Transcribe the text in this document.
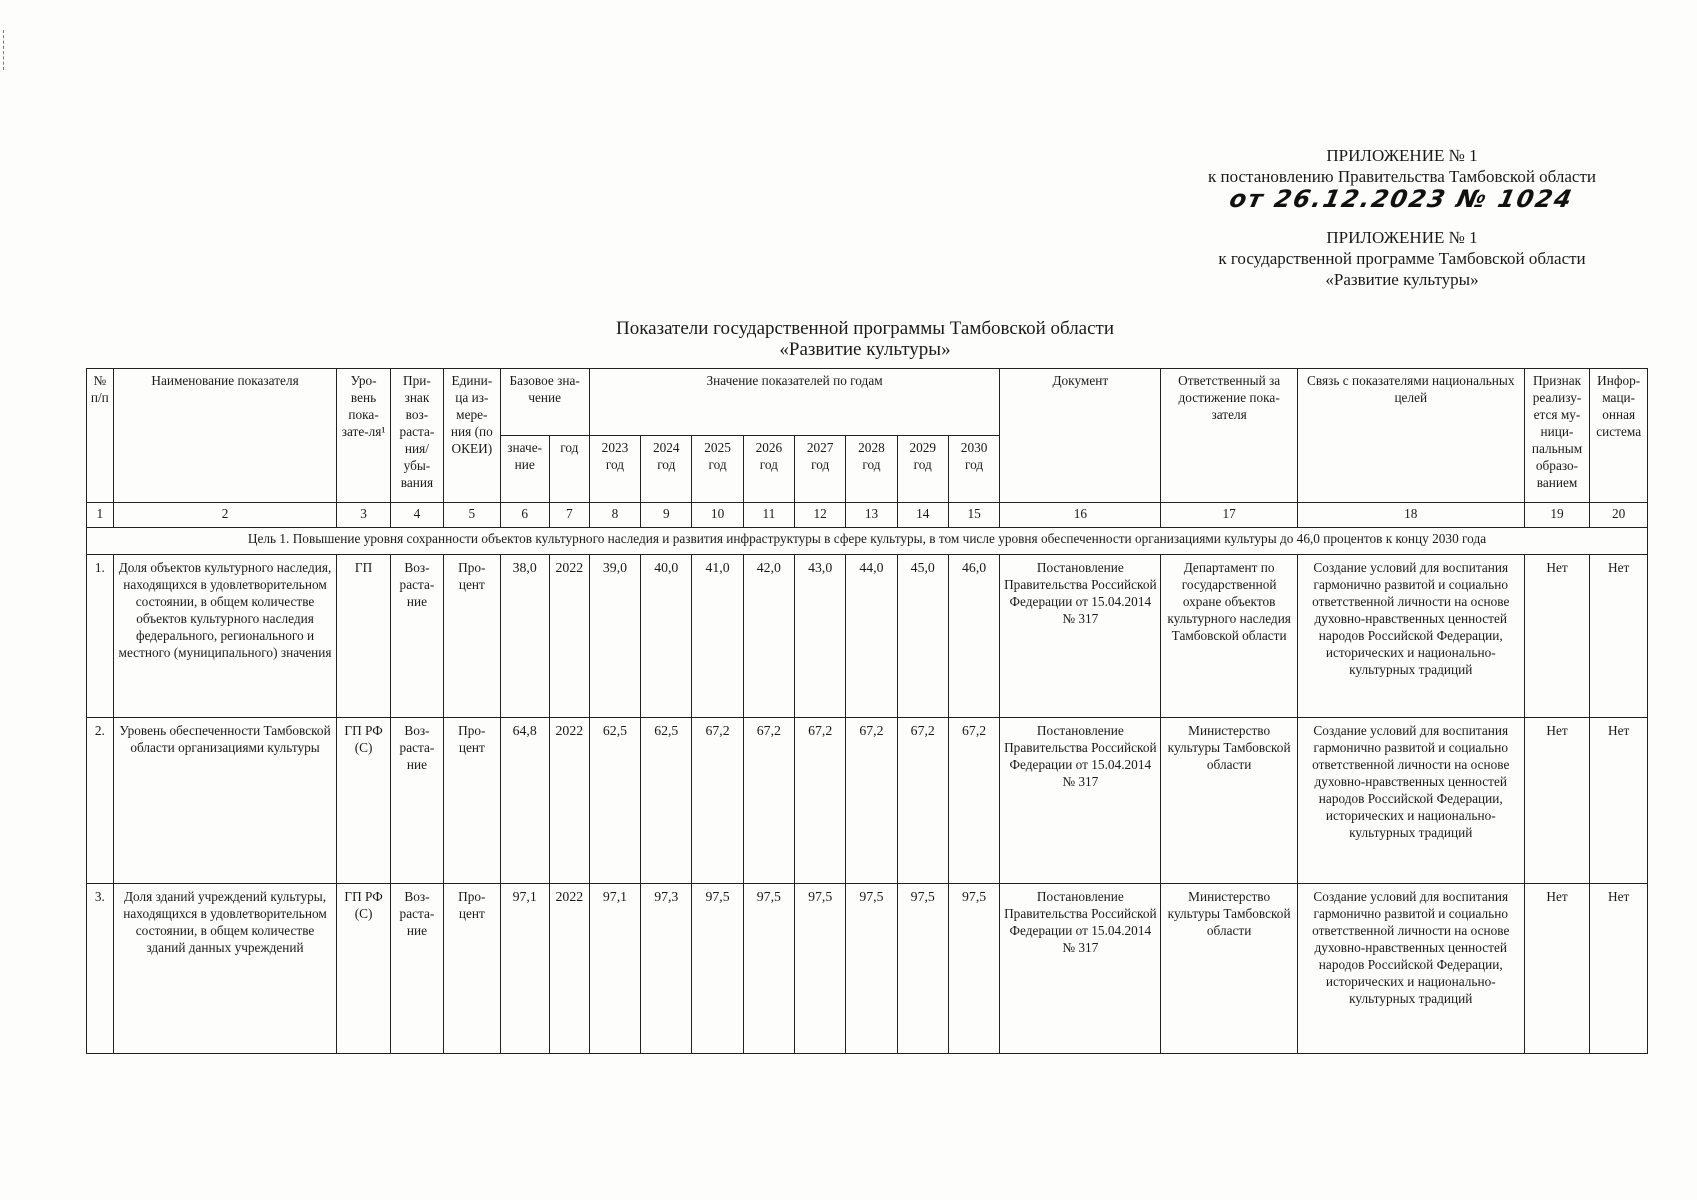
ПРИЛОЖЕНИЕ № 1
к постановлению Правительства Тамбовской области
от 26.12.2023 № 1024
ПРИЛОЖЕНИЕ № 1
к государственной программе Тамбовской области
«Развитие культуры»
Показатели государственной программы Тамбовской области
«Развитие культуры»
№ п/п	Наименование показателя	Уро-вень пока-зате-ля¹	При-знак воз-раста-ния/ убы-вания	Едини-ца из-мере-ния (по ОКЕИ)	Базовое зна-чение		Значение показателей по годам								Документ	Ответственный за достижение пока-зателя	Связь с показателями национальных целей	Признак реализу-ется му-ници-пальным образо-ванием	Инфор-маци-онная система
					значе-ние	год	2023 год	2024 год	2025 год	2026 год	2027 год	2028 год	2029 год	2030 год					
1	2	3	4	5	6	7	8	9	10	11	12	13	14	15	16	17	18	19	20
Цель 1. Повышение уровня сохранности объектов культурного наследия и развития инфраструктуры в сфере культуры, в том числе уровня обеспеченности организациями культуры до 46,0 процентов к концу 2030 года																			
1.	Доля объектов культурного наследия, находящихся в удовлетворительном состоянии, в общем количестве объектов культурного наследия федерального, регионального и местного (муниципального) значения	ГП	Воз-раста-ние	Про-цент	38,0	2022	39,0	40,0	41,0	42,0	43,0	44,0	45,0	46,0	Постановление Правительства Российской Федерации от 15.04.2014 № 317	Департамент по государственной охране объектов культурного наследия Тамбовской области	Создание условий для воспитания гармонично развитой и социально ответственной личности на основе духовно-нравственных ценностей народов Российской Федерации, исторических и национально-культурных традиций	Нет	Нет
2.	Уровень обеспеченности Тамбовской области организациями культуры	ГП РФ (С)	Воз-раста-ние	Про-цент	64,8	2022	62,5	62,5	67,2	67,2	67,2	67,2	67,2	67,2	Постановление Правительства Российской Федерации от 15.04.2014 № 317	Министерство культуры Тамбовской области	Создание условий для воспитания гармонично развитой и социально ответственной личности на основе духовно-нравственных ценностей народов Российской Федерации, исторических и национально-культурных традиций	Нет	Нет
3.	Доля зданий учреждений культуры, находящихся в удовлетворительном состоянии, в общем количестве зданий данных учреждений	ГП РФ (С)	Воз-раста-ние	Про-цент	97,1	2022	97,1	97,3	97,5	97,5	97,5	97,5	97,5	97,5	Постановление Правительства Российской Федерации от 15.04.2014 № 317	Министерство культуры Тамбовской области	Создание условий для воспитания гармонично развитой и социально ответственной личности на основе духовно-нравственных ценностей народов Российской Федерации, исторических и национально-культурных традиций	Нет	Нет
